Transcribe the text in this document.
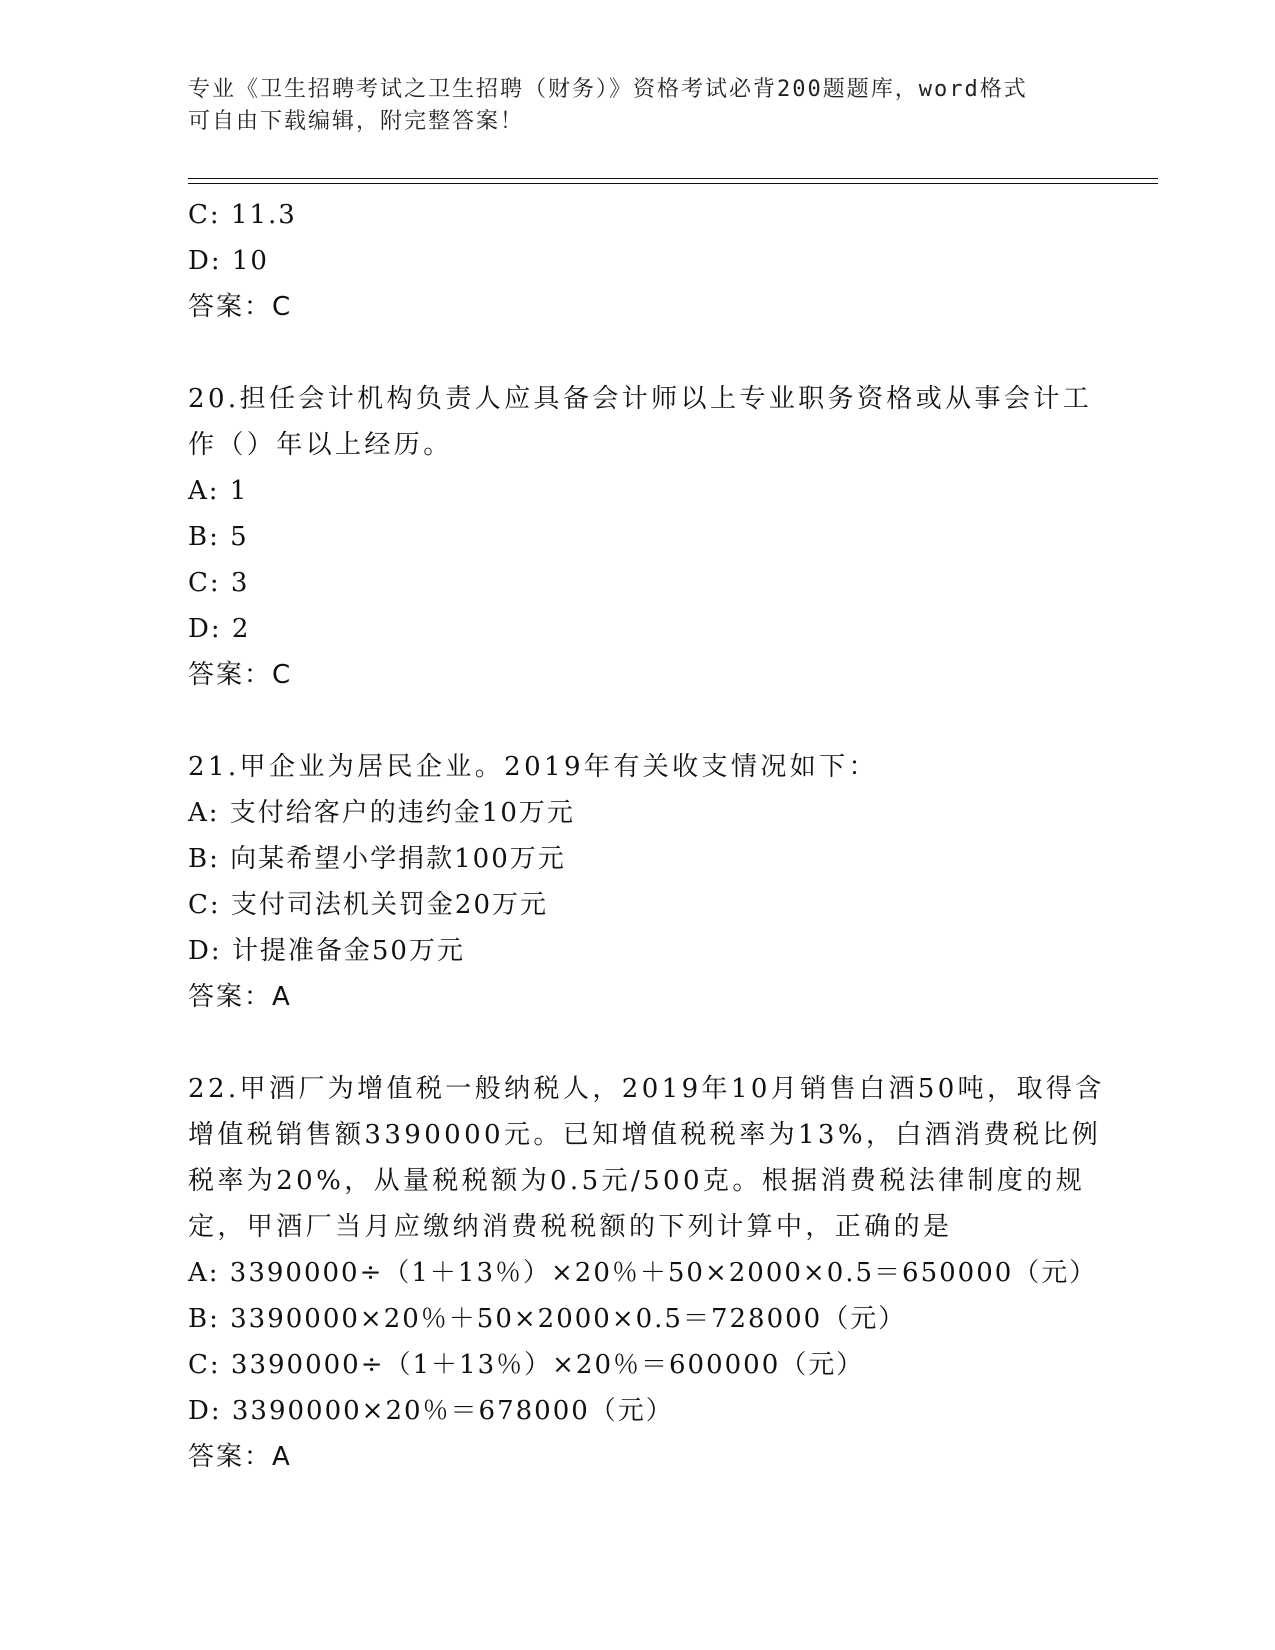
专业《卫生招聘考试之卫生招聘（财务）》资格考试必背200题题库，word格式
可自由下载编辑，附完整答案！
C: 11.3
D: 10
答案：C
20.担任会计机构负责人应具备会计师以上专业职务资格或从事会计工
作（）年以上经历。
A: 1
B: 5
C: 3
D: 2
答案：C
21.甲企业为居民企业。2019年有关收支情况如下：
A: 支付给客户的违约金10万元
B: 向某希望小学捐款100万元
C: 支付司法机关罚金20万元
D: 计提准备金50万元
答案：A
22.甲酒厂为增值税一般纳税人，2019年10月销售白酒50吨，取得含
增值税销售额3390000元。已知增值税税率为13%，白酒消费税比例
税率为20%，从量税税额为0.5元/500克。根据消费税法律制度的规
定，甲酒厂当月应缴纳消费税税额的下列计算中，正确的是
A: 3390000÷（1＋13％）×20％＋50×2000×0.5＝650000（元）
B: 3390000×20％＋50×2000×0.5＝728000（元）
C: 3390000÷（1＋13％）×20％＝600000（元）
D: 3390000×20％＝678000（元）
答案：A
